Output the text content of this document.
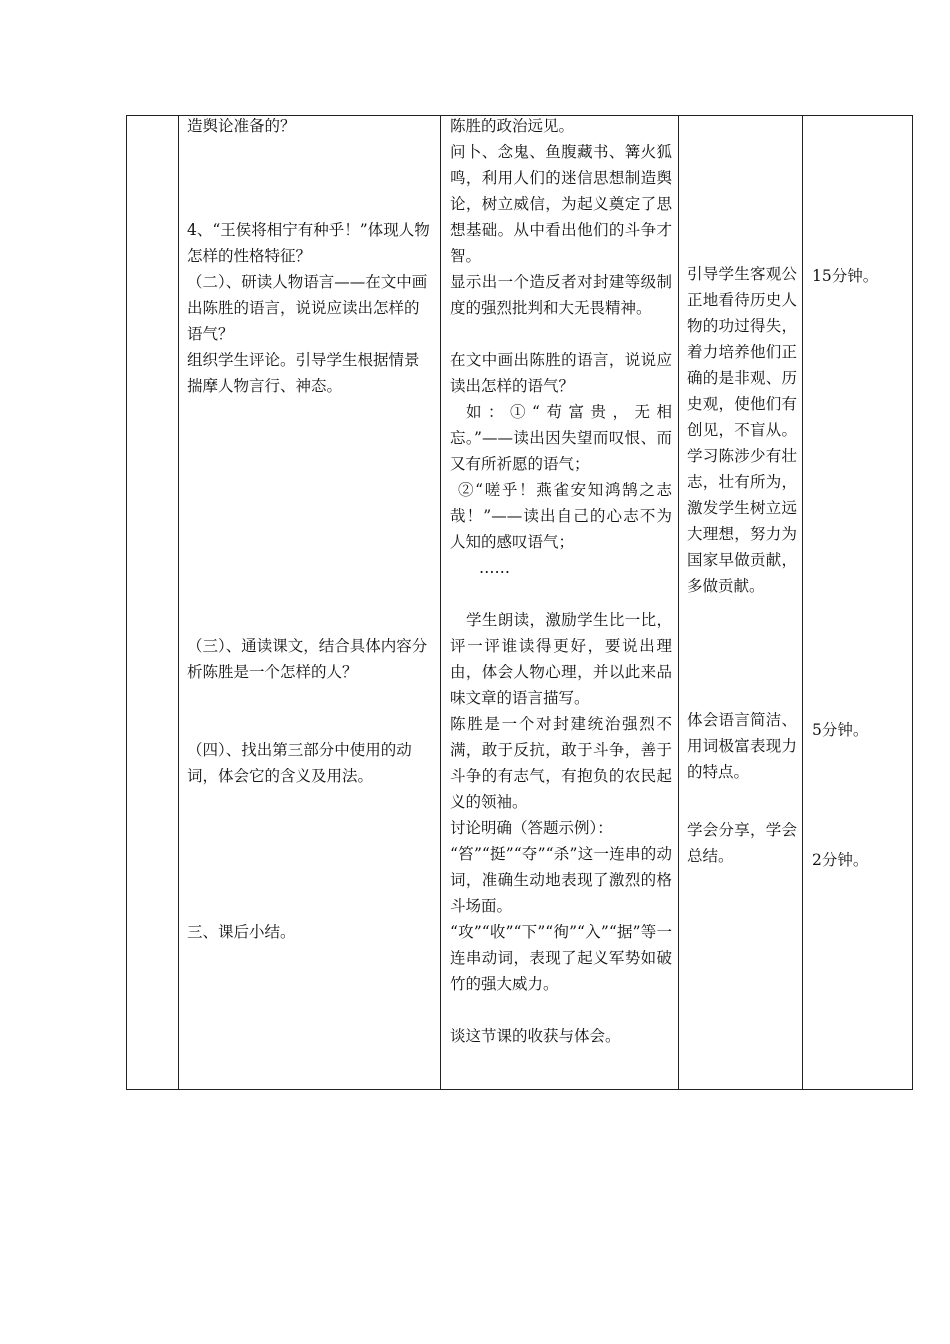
造舆论准备的？

4、“王侯将相宁有种乎！”体现人物怎样的性格特征？

（二）、研读人物语言——在文中画出陈胜的语言，说说应读出怎样的语气？

组织学生评论。引导学生根据情景揣摩人物言行、神态。

（三）、通读课文，结合具体内容分析陈胜是一个怎样的人？

（四）、找出第三部分中使用的动词，体会它的含义及用法。

三、课后小结。

陈胜的政治远见。

问卜、念鬼、鱼腹藏书、篝火狐鸣，利用人们的迷信思想制造舆论，树立威信，为起义奠定了思想基础。从中看出他们的斗争才智。

显示出一个造反者对封建等级制度的强烈批判和大无畏精神。

在文中画出陈胜的语言，说说应读出怎样的语气？

如：①“苟富贵，无相忘。”——读出因失望而叹恨、而又有所祈愿的语气；

②“嗟乎！燕雀安知鸿鹄之志哉！”——读出自己的心志不为人知的感叹语气；

……

学生朗读，激励学生比一比，评一评谁读得更好，要说出理由，体会人物心理，并以此来品味文章的语言描写。

陈胜是一个对封建统治强烈不满，敢于反抗，敢于斗争，善于斗争的有志气，有抱负的农民起义的领袖。

讨论明确（答题示例）：

“笞”“挺”“夺”“杀”这一连串的动词，准确生动地表现了激烈的格斗场面。

“攻”“收”“下”“徇”“入”“据”等一连串动词，表现了起义军势如破竹的强大威力。

谈这节课的收获与体会。

引导学生客观公正地看待历史人物的功过得失，着力培养他们正确的是非观、历史观，使他们有创见，不盲从。学习陈涉少有壮志，壮有所为，激发学生树立远大理想，努力为国家早做贡献，多做贡献。

体会语言简洁、用词极富表现力的特点。

学会分享，学会总结。

15分钟。

5分钟。

2分钟。
